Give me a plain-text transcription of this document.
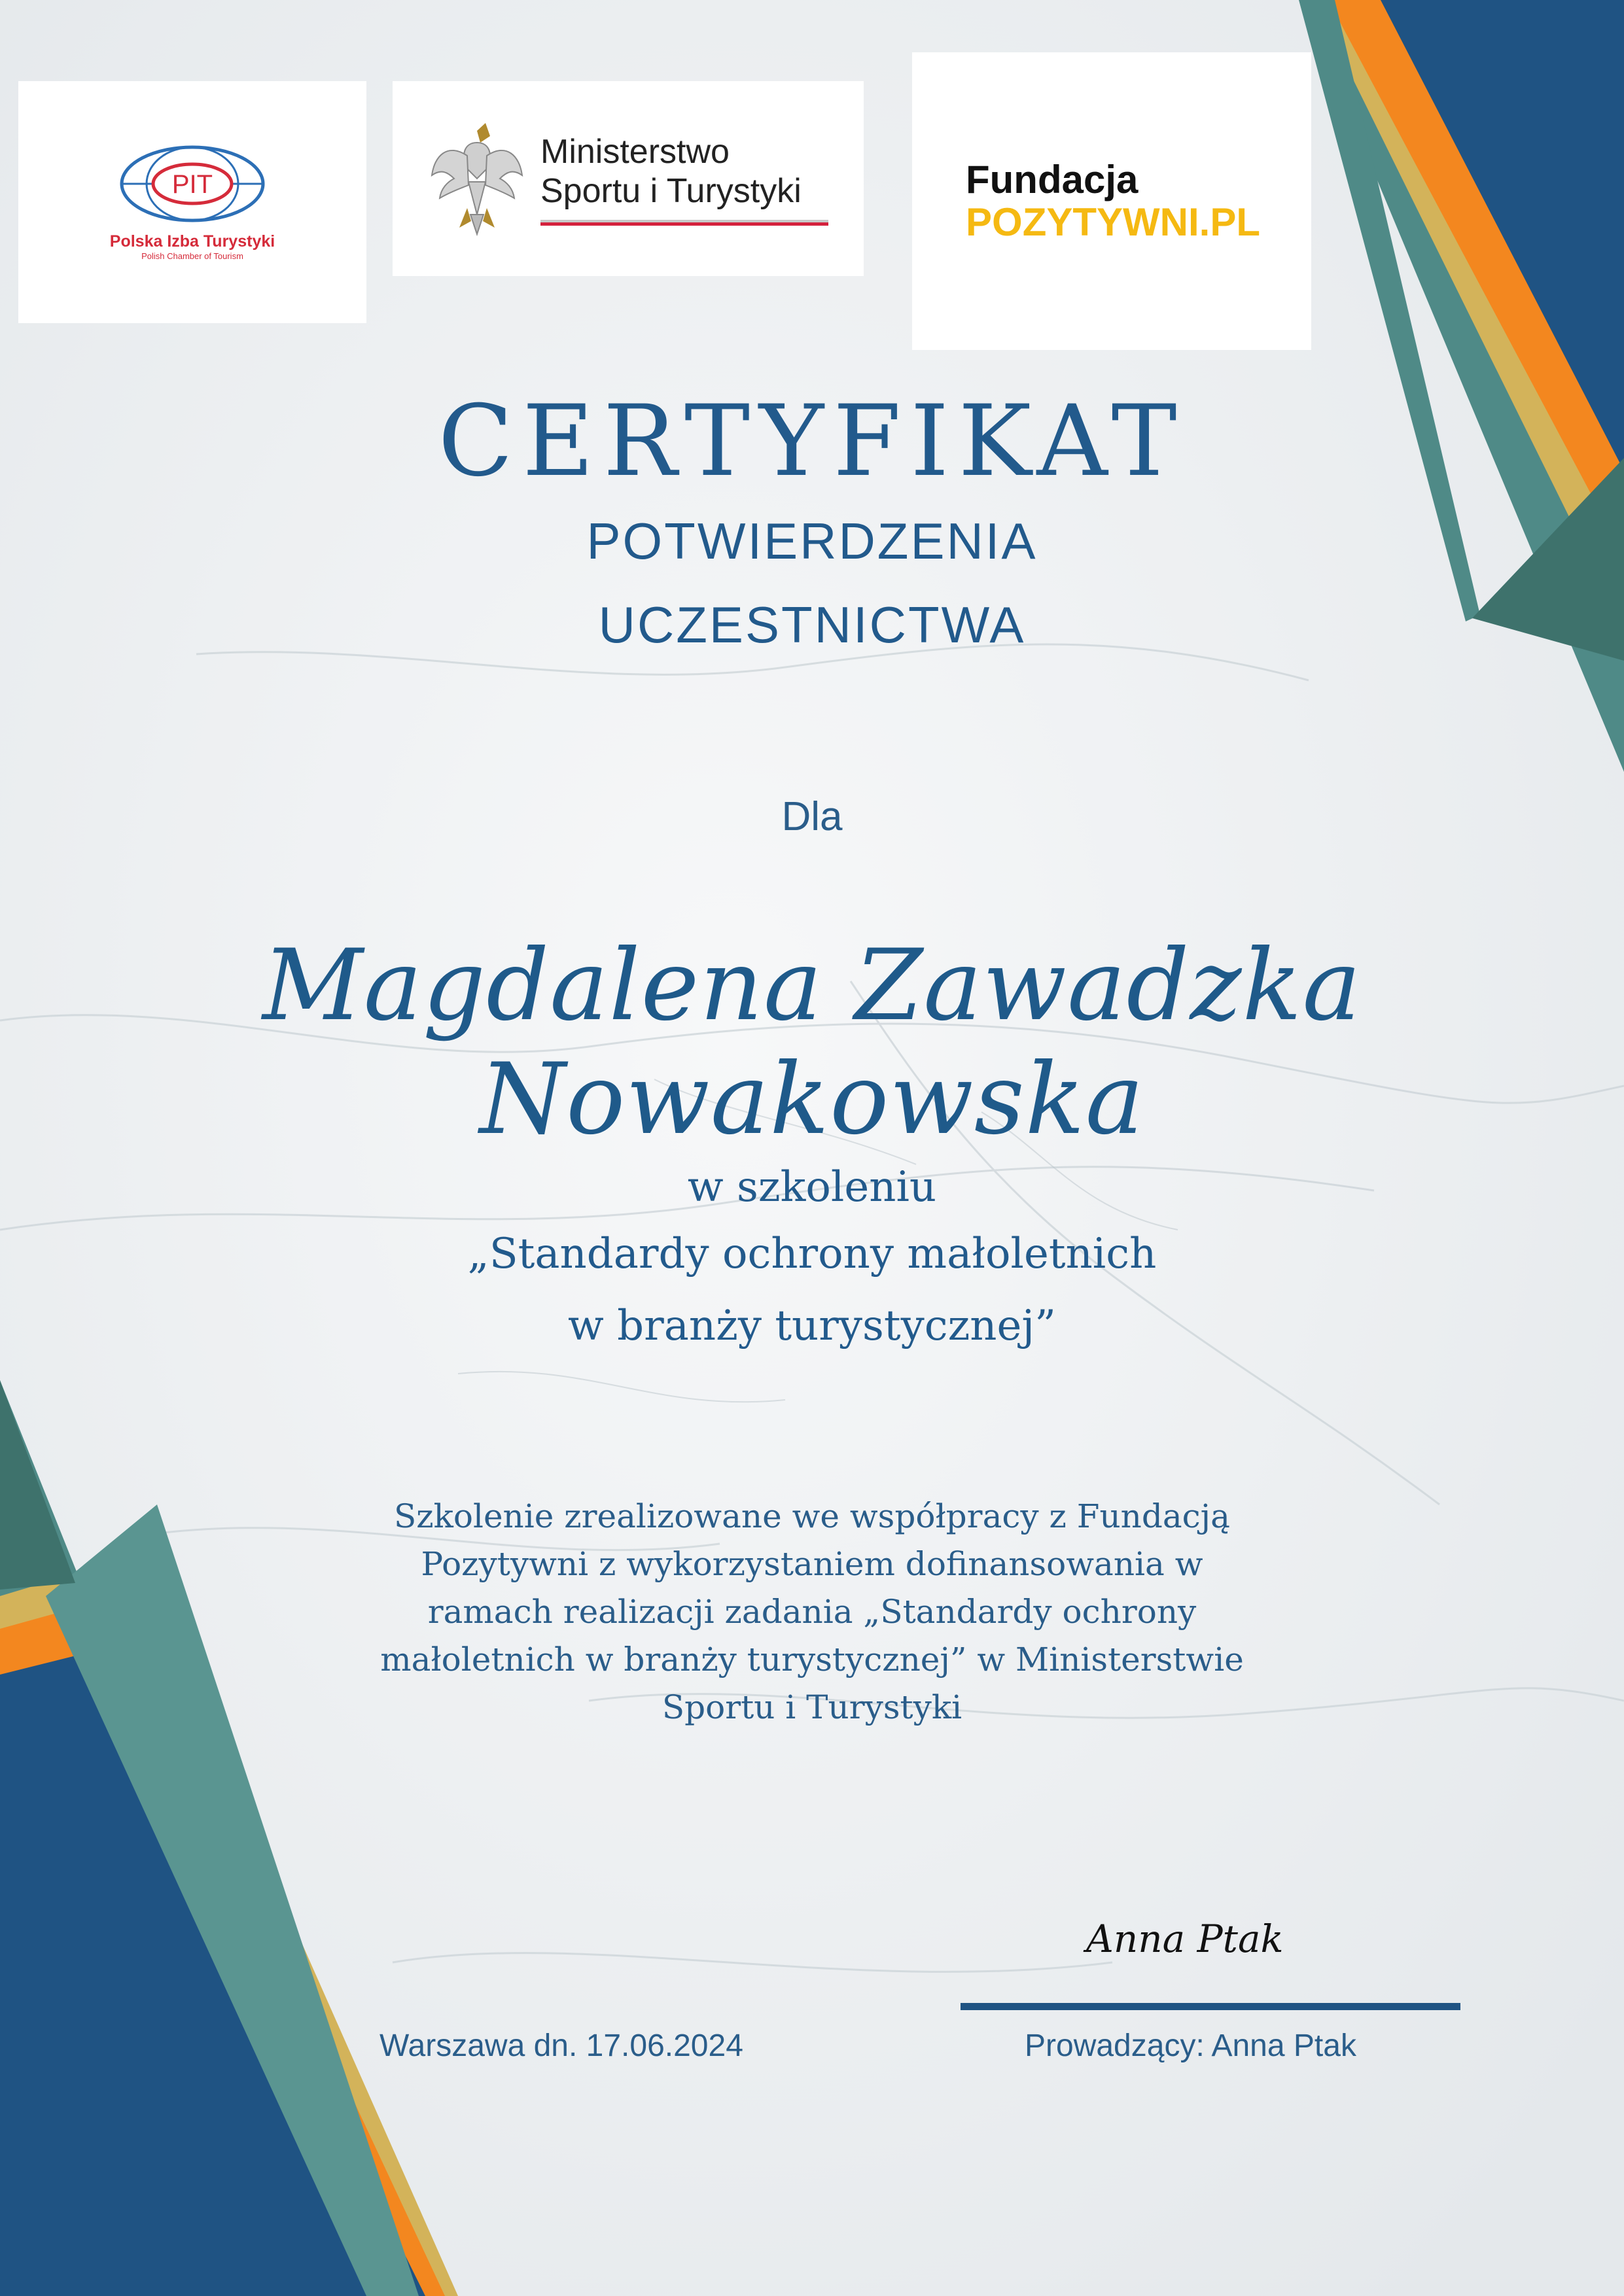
PIT
Polska Izba Turystyki
Polish Chamber of Tourism
Ministerstwo
Sportu i Turystyki	Fundacja
POZYTYWNI.PL
CERTYFIKAT
POTWIERDZENIA
UCZESTNICTWA
Dla
Magdalena Zawadzka Nowakowska
w szkoleniu
„Standardy ochrony małoletnich
w branży turystycznej”
Szkolenie zrealizowane we współpracy z Fundacją
Pozytywni z wykorzystaniem dofinansowania w
ramach realizacji zadania „Standardy ochrony
małoletnich w branży turystycznej” w Ministerstwie
Sportu i Turystyki
Anna Ptak
Warszawa dn. 17.06.2024	Prowadzący: Anna Ptak
